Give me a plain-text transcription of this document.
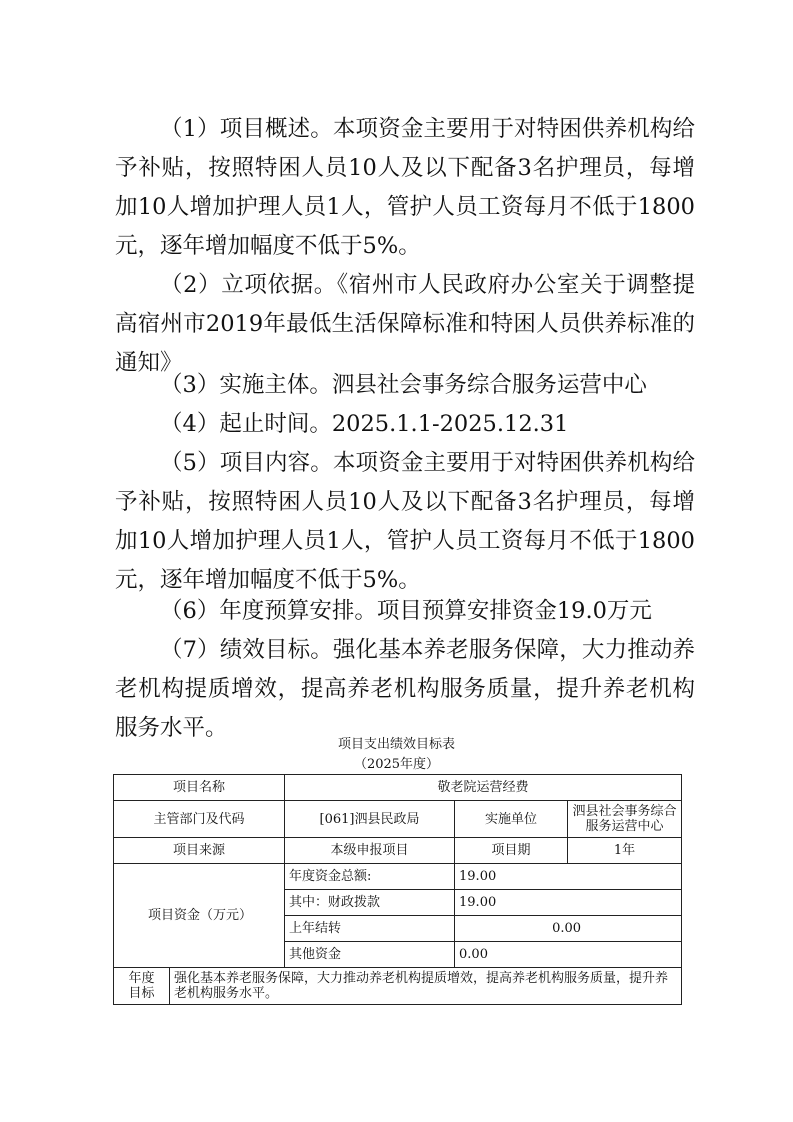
（1）项目概述。本项资金主要用于对特困供养机构给予补贴，按照特困人员10人及以下配备3名护理员，每增加10人增加护理人员1人，管护人员工资每月不低于1800元，逐年增加幅度不低于5%。

（2）立项依据。《宿州市人民政府办公室关于调整提高宿州市2019年最低生活保障标准和特困人员供养标准的通知》

（3）实施主体。泗县社会事务综合服务运营中心

（4）起止时间。2025.1.1-2025.12.31

（5）项目内容。本项资金主要用于对特困供养机构给予补贴，按照特困人员10人及以下配备3名护理员，每增加10人增加护理人员1人，管护人员工资每月不低于1800元，逐年增加幅度不低于5%。

（6）年度预算安排。项目预算安排资金19.0万元

（7）绩效目标。强化基本养老服务保障，大力推动养老机构提质增效，提高养老机构服务质量，提升养老机构服务水平。

项目支出绩效目标表
（2025年度）
项目名称		敬老院运营经费		
主管部门及代码		[061]泗县民政局	实施单位	泗县社会事务综合服务运营中心
项目来源		本级申报项目	项目期	1年
项目资金（万元）		年度资金总额:	19.00	
		其中：财政拨款	19.00	
		上年结转	0.00	
		其他资金	0.00	
年度目标	强化基本养老服务保障，大力推动养老机构提质增效，提高养老机构服务质量，提升养老机构服务水平。			
